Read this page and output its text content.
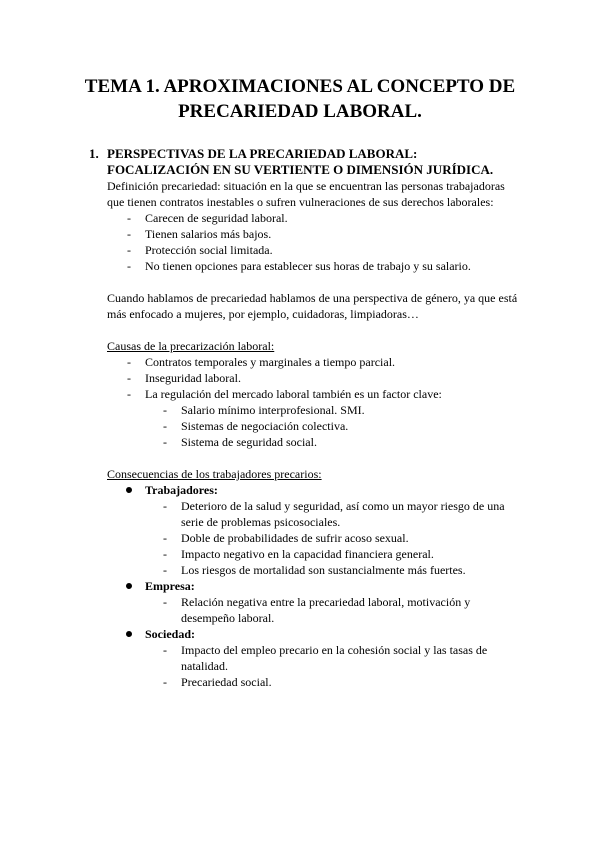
TEMA 1. APROXIMACIONES AL CONCEPTO DE
PRECARIEDAD LABORAL.
1. PERSPECTIVAS DE LA PRECARIEDAD LABORAL:
FOCALIZACIÓN EN SU VERTIENTE O DIMENSIÓN JURÍDICA.
Definición precariedad: situación en la que se encuentran las personas trabajadoras
que tienen contratos inestables o sufren vulneraciones de sus derechos laborales:
- Carecen de seguridad laboral.
- Tienen salarios más bajos.
- Protección social limitada.
- No tienen opciones para establecer sus horas de trabajo y su salario.
Cuando hablamos de precariedad hablamos de una perspectiva de género, ya que está
más enfocado a mujeres, por ejemplo, cuidadoras, limpiadoras…
Causas de la precarización laboral:
- Contratos temporales y marginales a tiempo parcial.
- Inseguridad laboral.
- La regulación del mercado laboral también es un factor clave:
- Salario mínimo interprofesional. SMI.
- Sistemas de negociación colectiva.
- Sistema de seguridad social.
Consecuencias de los trabajadores precarios:
Trabajadores:
- Deterioro de la salud y seguridad, así como un mayor riesgo de una
serie de problemas psicosociales.
- Doble de probabilidades de sufrir acoso sexual.
- Impacto negativo en la capacidad financiera general.
- Los riesgos de mortalidad son sustancialmente más fuertes.
Empresa:
- Relación negativa entre la precariedad laboral, motivación y
desempeño laboral.
Sociedad:
- Impacto del empleo precario en la cohesión social y las tasas de
natalidad.
- Precariedad social.
